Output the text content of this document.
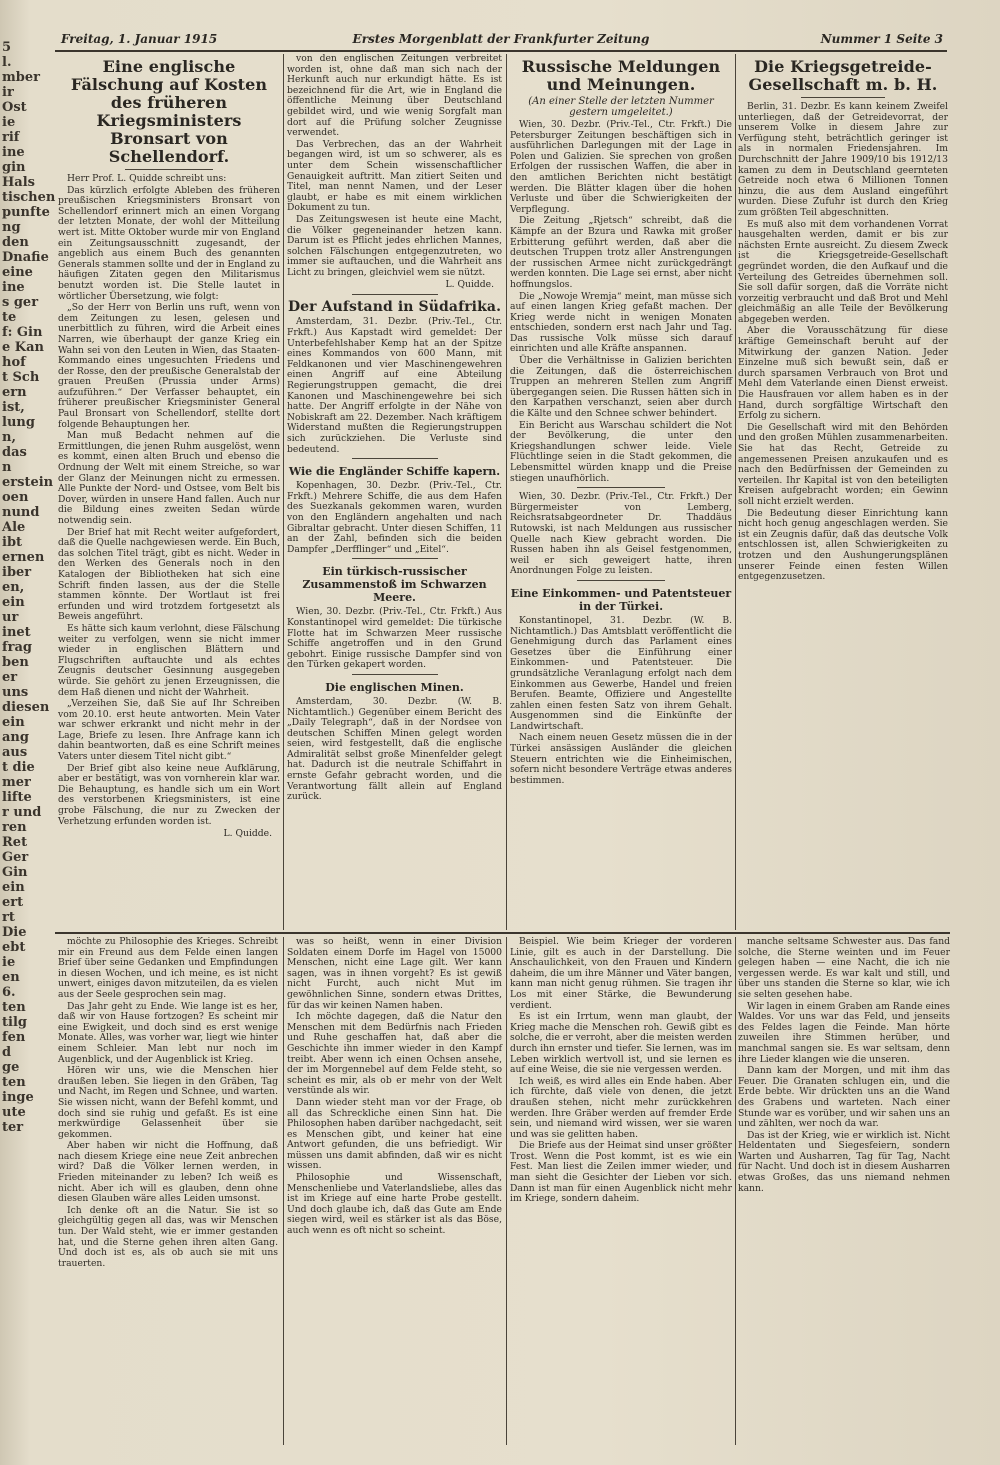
5
l.
mber
ir
Ost
ie
rif
ine
gin
Hals
tischen
punfte
ng den
Dnafie
eine
ine
s ger
te
f: Gin
e Kan
hof
t Sch
ern
ist,
lung
n, das
n
erstein
oen
nund
Ale
ibt
ernen
iber
en, ein
ur
inet
frag
ben
er
uns
diesen
ein
ang
aus
t die
mer
lifte
r und
ren
Ret
Ger
Gin
ein
ert
rt
Die
ebt
ie
en
6.
ten
tilg
fen
d
ge
ten
inge
ute
ter
Freitag, 1. Januar 1915	Erstes Morgenblatt der Frankfurter Zeitung	Nummer 1 Seite 3
Eine englische Fälschung auf Kosten des früheren Kriegsministers Bronsart von Schellendorf.

Herr Prof. L. Quidde schreibt uns:

Das kürzlich erfolgte Ableben des früheren preußischen Kriegsministers Bronsart von Schellendorf erinnert mich an einen Vorgang der letzten Monate, der wohl der Mitteilung wert ist. Mitte Oktober wurde mir von England ein Zeitungsausschnitt zugesandt, der angeblich aus einem Buch des genannten Generals stammen sollte und der in England zu häufigen Zitaten gegen den Militarismus benutzt worden ist. Die Stelle lautet in wörtlicher Übersetzung, wie folgt:

„So der Herr von Berlin uns ruft, wenn von dem Zeitungen zu lesen, gelesen und unerbittlich zu führen, wird die Arbeit eines Narren, wie überhaupt der ganze Krieg ein Wahn sei von den Leuten in Wien, das Staaten-Kommando eines ungesuchten Friedens und der Rosse, den der preußische Generalstab der grauen Preußen (Prussia under Arms) aufzuführen.“ Der Verfasser behauptet, ein früherer preußischer Kriegsminister General Paul Bronsart von Schellendorf, stellte dort folgende Behauptungen her.

Man muß Bedacht nehmen auf die Ermittlungen, die jenen Ruhm ausgelöst, wenn es kommt, einen alten Bruch und ebenso die Ordnung der Welt mit einem Streiche, so war der Glanz der Meinungen nicht zu ermessen. Alle Punkte der Nord- und Ostsee, vom Belt bis Dover, würden in unsere Hand fallen. Auch nur die Bildung eines zweiten Sedan würde notwendig sein.

Der Brief hat mit Recht weiter aufgefordert, daß die Quelle nachgewiesen werde. Ein Buch, das solchen Titel trägt, gibt es nicht. Weder in den Werken des Generals noch in den Katalogen der Bibliotheken hat sich eine Schrift finden lassen, aus der die Stelle stammen könnte. Der Wortlaut ist frei erfunden und wird trotzdem fortgesetzt als Beweis angeführt.

Es hätte sich kaum verlohnt, diese Fälschung weiter zu verfolgen, wenn sie nicht immer wieder in englischen Blättern und Flugschriften auftauchte und als echtes Zeugnis deutscher Gesinnung ausgegeben würde. Sie gehört zu jenen Erzeugnissen, die dem Haß dienen und nicht der Wahrheit.

„Verzeihen Sie, daß Sie auf Ihr Schreiben vom 20.10. erst heute antworten. Mein Vater war schwer erkrankt und nicht mehr in der Lage, Briefe zu lesen. Ihre Anfrage kann ich dahin beantworten, daß es eine Schrift meines Vaters unter diesem Titel nicht gibt.“

Der Brief gibt also keine neue Aufklärung, aber er bestätigt, was von vornherein klar war. Die Behauptung, es handle sich um ein Wort des verstorbenen Kriegsministers, ist eine grobe Fälschung, die nur zu Zwecken der Verhetzung erfunden worden ist.

L. Quidde.

von den englischen Zeitungen verbreitet worden ist, ohne daß man sich nach der Herkunft auch nur erkundigt hätte. Es ist bezeichnend für die Art, wie in England die öffentliche Meinung über Deutschland gebildet wird, und wie wenig Sorgfalt man dort auf die Prüfung solcher Zeugnisse verwendet.

Das Verbrechen, das an der Wahrheit begangen wird, ist um so schwerer, als es unter dem Schein wissenschaftlicher Genauigkeit auftritt. Man zitiert Seiten und Titel, man nennt Namen, und der Leser glaubt, er habe es mit einem wirklichen Dokument zu tun.

Das Zeitungswesen ist heute eine Macht, die Völker gegeneinander hetzen kann. Darum ist es Pflicht jedes ehrlichen Mannes, solchen Fälschungen entgegenzutreten, wo immer sie auftauchen, und die Wahrheit ans Licht zu bringen, gleichviel wem sie nützt.

L. Quidde.

Der Aufstand in Südafrika.

Amsterdam, 31. Dezbr. (Priv.-Tel., Ctr. Frkft.) Aus Kapstadt wird gemeldet: Der Unterbefehlshaber Kemp hat an der Spitze eines Kommandos von 600 Mann, mit Feldkanonen und vier Maschinengewehren einen Angriff auf eine Abteilung Regierungstruppen gemacht, die drei Kanonen und Maschinengewehre bei sich hatte. Der Angriff erfolgte in der Nähe von Nobiskraft am 22. Dezember. Nach kräftigem Widerstand mußten die Regierungstruppen sich zurückziehen. Die Verluste sind bedeutend.

Wie die Engländer Schiffe kapern.

Kopenhagen, 30. Dezbr. (Priv.-Tel., Ctr. Frkft.) Mehrere Schiffe, die aus dem Hafen des Suezkanals gekommen waren, wurden von den Engländern angehalten und nach Gibraltar gebracht. Unter diesen Schiffen, 11 an der Zahl, befinden sich die beiden Dampfer „Derfflinger“ und „Eitel“.

Ein türkisch-russischer Zusammenstoß im Schwarzen Meere.

Wien, 30. Dezbr. (Priv.-Tel., Ctr. Frkft.) Aus Konstantinopel wird gemeldet: Die türkische Flotte hat im Schwarzen Meer russische Schiffe angetroffen und in den Grund gebohrt. Einige russische Dampfer sind von den Türken gekapert worden.

Die englischen Minen.

Amsterdam, 30. Dezbr. (W. B. Nichtamtlich.) Gegenüber einem Bericht des „Daily Telegraph“, daß in der Nordsee von deutschen Schiffen Minen gelegt worden seien, wird festgestellt, daß die englische Admiralität selbst große Minenfelder gelegt hat. Dadurch ist die neutrale Schiffahrt in ernste Gefahr gebracht worden, und die Verantwortung fällt allein auf England zurück.

Russische Meldungen und Meinungen.
(An einer Stelle der letzten Nummer gestern umgeleitet.)

Wien, 30. Dezbr. (Priv.-Tel., Ctr. Frkft.) Die Petersburger Zeitungen beschäftigen sich in ausführlichen Darlegungen mit der Lage in Polen und Galizien. Sie sprechen von großen Erfolgen der russischen Waffen, die aber in den amtlichen Berichten nicht bestätigt werden. Die Blätter klagen über die hohen Verluste und über die Schwierigkeiten der Verpflegung.

Die Zeitung „Rjetsch“ schreibt, daß die Kämpfe an der Bzura und Rawka mit großer Erbitterung geführt werden, daß aber die deutschen Truppen trotz aller Anstrengungen der russischen Armee nicht zurückgedrängt werden konnten. Die Lage sei ernst, aber nicht hoffnungslos.

Die „Nowoje Wremja“ meint, man müsse sich auf einen langen Krieg gefaßt machen. Der Krieg werde nicht in wenigen Monaten entschieden, sondern erst nach Jahr und Tag. Das russische Volk müsse sich darauf einrichten und alle Kräfte anspannen.

Über die Verhältnisse in Galizien berichten die Zeitungen, daß die österreichischen Truppen an mehreren Stellen zum Angriff übergegangen seien. Die Russen hätten sich in den Karpathen verschanzt, seien aber durch die Kälte und den Schnee schwer behindert.

Ein Bericht aus Warschau schildert die Not der Bevölkerung, die unter den Kriegshandlungen schwer leide. Viele Flüchtlinge seien in die Stadt gekommen, die Lebensmittel würden knapp und die Preise stiegen unaufhörlich.

Wien, 30. Dezbr. (Priv.-Tel., Ctr. Frkft.) Der Bürgermeister von Lemberg, Reichsratsabgeordneter Dr. Thaddäus Rutowski, ist nach Meldungen aus russischer Quelle nach Kiew gebracht worden. Die Russen haben ihn als Geisel festgenommen, weil er sich geweigert hatte, ihren Anordnungen Folge zu leisten.

Eine Einkommen- und Patentsteuer in der Türkei.

Konstantinopel, 31. Dezbr. (W. B. Nichtamtlich.) Das Amtsblatt veröffentlicht die Genehmigung durch das Parlament eines Gesetzes über die Einführung einer Einkommen- und Patentsteuer. Die grundsätzliche Veranlagung erfolgt nach dem Einkommen aus Gewerbe, Handel und freien Berufen. Beamte, Offiziere und Angestellte zahlen einen festen Satz von ihrem Gehalt. Ausgenommen sind die Einkünfte der Landwirtschaft.

Nach einem neuen Gesetz müssen die in der Türkei ansässigen Ausländer die gleichen Steuern entrichten wie die Einheimischen, sofern nicht besondere Verträge etwas anderes bestimmen.

Die Kriegsgetreide-Gesellschaft m. b. H.

Berlin, 31. Dezbr. Es kann keinem Zweifel unterliegen, daß der Getreidevorrat, der unserem Volke in diesem Jahre zur Verfügung steht, beträchtlich geringer ist als in normalen Friedensjahren. Im Durchschnitt der Jahre 1909/10 bis 1912/13 kamen zu dem in Deutschland geernteten Getreide noch etwa 6 Millionen Tonnen hinzu, die aus dem Ausland eingeführt wurden. Diese Zufuhr ist durch den Krieg zum größten Teil abgeschnitten.

Es muß also mit dem vorhandenen Vorrat hausgehalten werden, damit er bis zur nächsten Ernte ausreicht. Zu diesem Zweck ist die Kriegsgetreide-Gesellschaft gegründet worden, die den Aufkauf und die Verteilung des Getreides übernehmen soll. Sie soll dafür sorgen, daß die Vorräte nicht vorzeitig verbraucht und daß Brot und Mehl gleichmäßig an alle Teile der Bevölkerung abgegeben werden.

Aber die Vorausschätzung für diese kräftige Gemeinschaft beruht auf der Mitwirkung der ganzen Nation. Jeder Einzelne muß sich bewußt sein, daß er durch sparsamen Verbrauch von Brot und Mehl dem Vaterlande einen Dienst erweist. Die Hausfrauen vor allem haben es in der Hand, durch sorgfältige Wirtschaft den Erfolg zu sichern.

Die Gesellschaft wird mit den Behörden und den großen Mühlen zusammenarbeiten. Sie hat das Recht, Getreide zu angemessenen Preisen anzukaufen und es nach den Bedürfnissen der Gemeinden zu verteilen. Ihr Kapital ist von den beteiligten Kreisen aufgebracht worden; ein Gewinn soll nicht erzielt werden.

Die Bedeutung dieser Einrichtung kann nicht hoch genug angeschlagen werden. Sie ist ein Zeugnis dafür, daß das deutsche Volk entschlossen ist, allen Schwierigkeiten zu trotzen und den Aushungerungsplänen unserer Feinde einen festen Willen entgegenzusetzen.

möchte zu Philosophie des Krieges. Schreibt mir ein Freund aus dem Felde einen langen Brief über seine Gedanken und Empfindungen in diesen Wochen, und ich meine, es ist nicht unwert, einiges davon mitzuteilen, da es vielen aus der Seele gesprochen sein mag.

Das Jahr geht zu Ende. Wie lange ist es her, daß wir von Hause fortzogen? Es scheint mir eine Ewigkeit, und doch sind es erst wenige Monate. Alles, was vorher war, liegt wie hinter einem Schleier. Man lebt nur noch im Augenblick, und der Augenblick ist Krieg.

Hören wir uns, wie die Menschen hier draußen leben. Sie liegen in den Gräben, Tag und Nacht, im Regen und Schnee, und warten. Sie wissen nicht, wann der Befehl kommt, und doch sind sie ruhig und gefaßt. Es ist eine merkwürdige Gelassenheit über sie gekommen.

Aber haben wir nicht die Hoffnung, daß nach diesem Kriege eine neue Zeit anbrechen wird? Daß die Völker lernen werden, in Frieden miteinander zu leben? Ich weiß es nicht. Aber ich will es glauben, denn ohne diesen Glauben wäre alles Leiden umsonst.

Ich denke oft an die Natur. Sie ist so gleichgültig gegen all das, was wir Menschen tun. Der Wald steht, wie er immer gestanden hat, und die Sterne gehen ihren alten Gang. Und doch ist es, als ob auch sie mit uns trauerten.

was so heißt, wenn in einer Division Soldaten einem Dorfe im Hagel von 15000 Menschen, nicht eine Lage gilt. Wer kann sagen, was in ihnen vorgeht? Es ist gewiß nicht Furcht, auch nicht Mut im gewöhnlichen Sinne, sondern etwas Drittes, für das wir keinen Namen haben.

Ich möchte dagegen, daß die Natur den Menschen mit dem Bedürfnis nach Frieden und Ruhe geschaffen hat, daß aber die Geschichte ihn immer wieder in den Kampf treibt. Aber wenn ich einen Ochsen ansehe, der im Morgennebel auf dem Felde steht, so scheint es mir, als ob er mehr von der Welt verstünde als wir.

Dann wieder steht man vor der Frage, ob all das Schreckliche einen Sinn hat. Die Philosophen haben darüber nachgedacht, seit es Menschen gibt, und keiner hat eine Antwort gefunden, die uns befriedigt. Wir müssen uns damit abfinden, daß wir es nicht wissen.

Philosophie und Wissenschaft, Menschenliebe und Vaterlandsliebe, alles das ist im Kriege auf eine harte Probe gestellt. Und doch glaube ich, daß das Gute am Ende siegen wird, weil es stärker ist als das Böse, auch wenn es oft nicht so scheint.

Beispiel. Wie beim Krieger der vorderen Linie, gilt es auch in der Darstellung. Die Anschaulichkeit, von den Frauen und Kindern daheim, die um ihre Männer und Väter bangen, kann man nicht genug rühmen. Sie tragen ihr Los mit einer Stärke, die Bewunderung verdient.

Es ist ein Irrtum, wenn man glaubt, der Krieg mache die Menschen roh. Gewiß gibt es solche, die er verroht, aber die meisten werden durch ihn ernster und tiefer. Sie lernen, was im Leben wirklich wertvoll ist, und sie lernen es auf eine Weise, die sie nie vergessen werden.

Ich weiß, es wird alles ein Ende haben. Aber ich fürchte, daß viele von denen, die jetzt draußen stehen, nicht mehr zurückkehren werden. Ihre Gräber werden auf fremder Erde sein, und niemand wird wissen, wer sie waren und was sie gelitten haben.

Die Briefe aus der Heimat sind unser größter Trost. Wenn die Post kommt, ist es wie ein Fest. Man liest die Zeilen immer wieder, und man sieht die Gesichter der Lieben vor sich. Dann ist man für einen Augenblick nicht mehr im Kriege, sondern daheim.

manche seltsame Schwester aus. Das fand solche, die Sterne weinten und im Feuer gelegen haben — eine Nacht, die ich nie vergessen werde. Es war kalt und still, und über uns standen die Sterne so klar, wie ich sie selten gesehen habe.

Wir lagen in einem Graben am Rande eines Waldes. Vor uns war das Feld, und jenseits des Feldes lagen die Feinde. Man hörte zuweilen ihre Stimmen herüber, und manchmal sangen sie. Es war seltsam, denn ihre Lieder klangen wie die unseren.

Dann kam der Morgen, und mit ihm das Feuer. Die Granaten schlugen ein, und die Erde bebte. Wir drückten uns an die Wand des Grabens und warteten. Nach einer Stunde war es vorüber, und wir sahen uns an und zählten, wer noch da war.

Das ist der Krieg, wie er wirklich ist. Nicht Heldentaten und Siegesfeiern, sondern Warten und Ausharren, Tag für Tag, Nacht für Nacht. Und doch ist in diesem Ausharren etwas Großes, das uns niemand nehmen kann.
